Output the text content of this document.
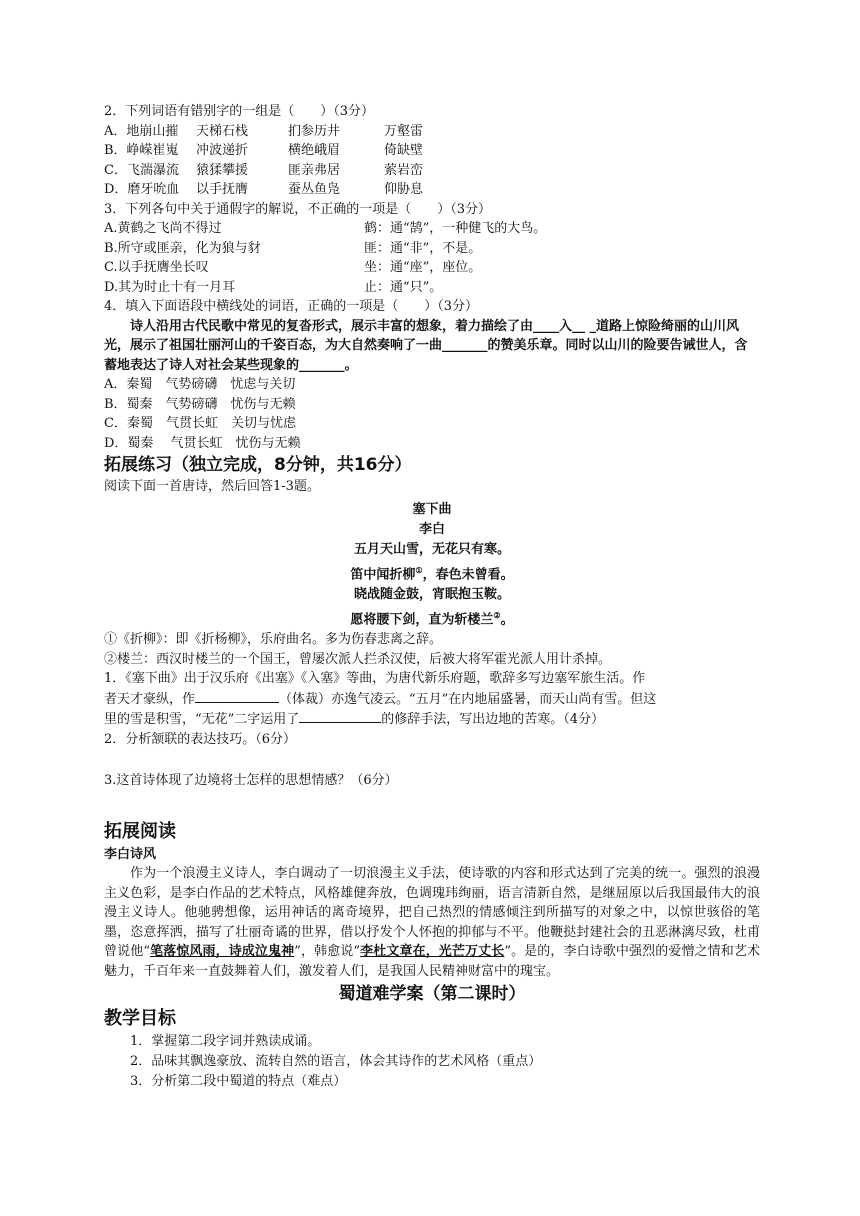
2．下列词语有错别字的一组是（　　）（3分）
A．地崩山摧	天梯石栈	扪参历井	万壑雷
B．峥嵘崔嵬	冲波递折	横绝峨眉	倚缺壁
C．飞湍瀑流	猿猱攀援	匪亲弗居	萦岩峦
D．磨牙吮血	以手抚膺	蚕丛鱼凫	仰胁息
3．下列各句中关于通假字的解说，不正确的一项是（　　）（3分）
A.黄鹤之飞尚不得过	鹤：通“鹄”，一种健飞的大鸟。
B.所守或匪亲，化为狼与豺	匪：通“非”，不是。
C.以手抚膺坐长叹	坐：通“座”，座位。
D.其为时止十有一月耳	止：通“只”。
4．填入下面语段中横线处的词语，正确的一项是（　　）（3分）
诗人沿用古代民歌中常见的复沓形式，展示丰富的想象，着力描绘了由____入__ _道路上惊险绮丽的山川风光，展示了祖国壮丽河山的千姿百态，为大自然奏响了一曲_______的赞美乐章。同时以山川的险要告诫世人，含蓄地表达了诗人对社会某些现象的_______。
A．秦蜀　气势磅礴　忧虑与关切
B．蜀秦　气势磅礴　忧伤与无赖
C．秦蜀　气贯长虹　关切与忧虑
D．蜀秦　 气贯长虹　忧伤与无赖
拓展练习（独立完成，8分钟，共16分）
阅读下面一首唐诗，然后回答1-3题。
塞下曲
李白
五月天山雪，无花只有寒。
笛中闻折柳①，春色未曾看。
晓战随金鼓，宵眠抱玉鞍。
愿将腰下剑，直为斩楼兰②。
①《折柳》：即《折杨柳》，乐府曲名。多为伤春悲离之辞。
②楼兰：西汉时楼兰的一个国王，曾屡次派人拦杀汉使，后被大将军霍光派人用计杀掉。
1．《塞下曲》出于汉乐府《出塞》《入塞》等曲，为唐代新乐府题，歌辞多写边塞军旅生活。作
者天才豪纵，作	（体裁）亦逸气凌云。“五月”在内地届盛暑，而天山尚有雪。但这
里的雪是积雪，“无花”二字运用了	的修辞手法，写出边地的苦寒。（4分）
2．分析颔联的表达技巧。（6分）
3.这首诗体现了边境将士怎样的思想情感？（6分）
拓展阅读
李白诗风
作为一个浪漫主义诗人，李白调动了一切浪漫主义手法，使诗歌的内容和形式达到了完美的统一。强烈的浪漫主义色彩，是李白作品的艺术特点，风格雄健奔放，色调瑰玮绚丽，语言清新自然，是继屈原以后我国最伟大的浪漫主义诗人。他驰骋想像，运用神话的离奇境界，把自己热烈的情感倾注到所描写的对象之中，以惊世骇俗的笔墨，恣意挥洒，描写了壮丽奇谲的世界，借以抒发个人怀抱的抑郁与不平。他鞭挞封建社会的丑恶淋漓尽致，杜甫曾说他“笔落惊风雨，诗成泣鬼神”，韩愈说“李杜文章在，光芒万丈长”。是的，李白诗歌中强烈的爱憎之情和艺术魅力，千百年来一直鼓舞着人们，激发着人们，是我国人民精神财富中的瑰宝。
蜀道难学案（第二课时）
教学目标
1．掌握第二段字词并熟读成诵。
2．品味其飘逸豪放、流转自然的语言，体会其诗作的艺术风格（重点）
3．分析第二段中蜀道的特点（难点）
